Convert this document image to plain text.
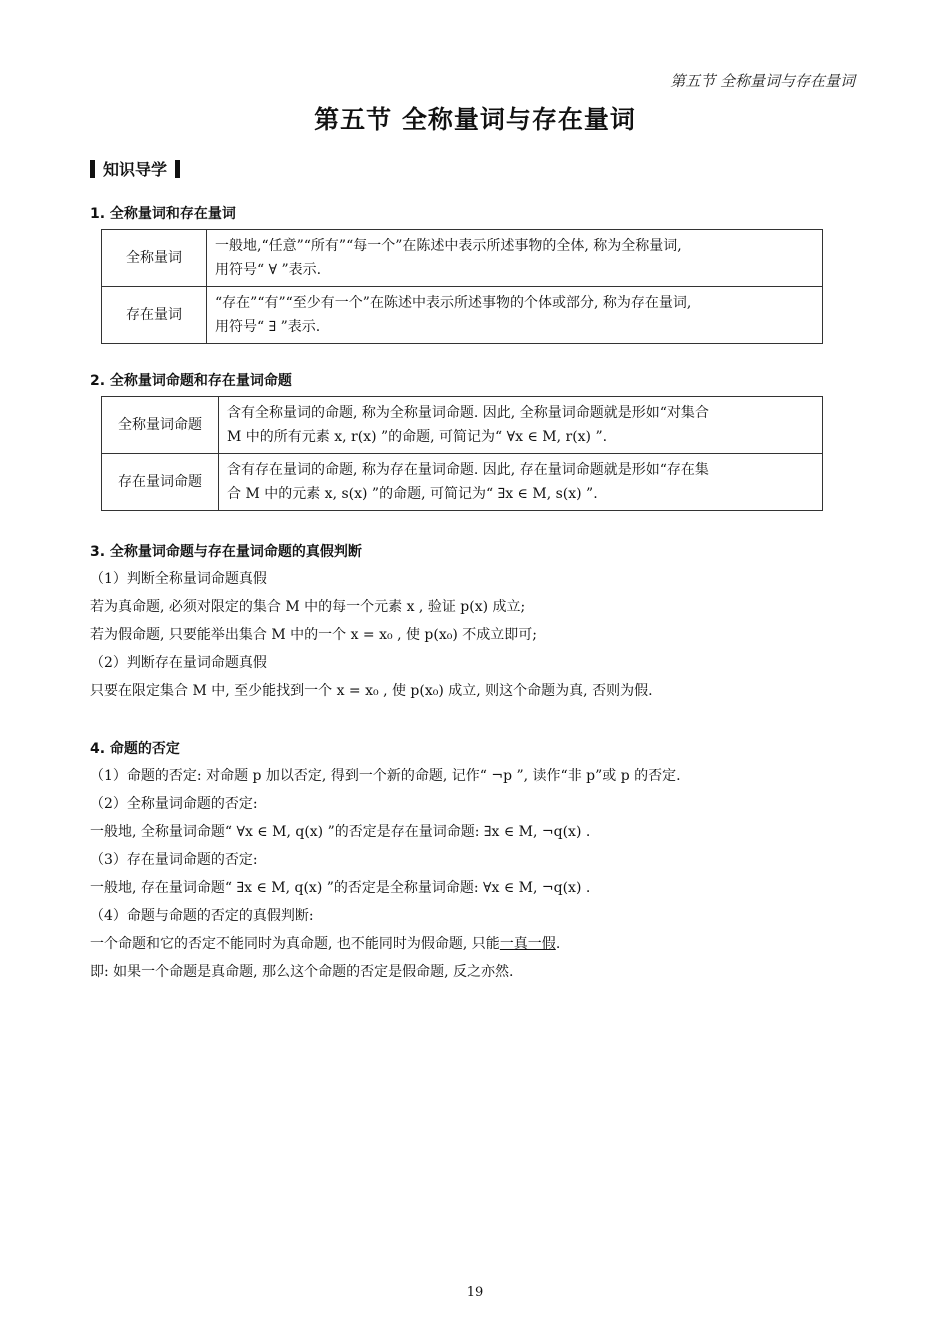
第五节 全称量词与存在量词
第五节 全称量词与存在量词
知识导学
1. 全称量词和存在量词
全称量词	一般地,“任意”“所有”“每一个”在陈述中表示所述事物的全体, 称为全称量词,
用符号“ ∀ ”表示.

存在量词	“存在”“有”“至少有一个”在陈述中表示所述事物的个体或部分, 称为存在量词,
用符号“ ∃ ”表示.
2. 全称量词命题和存在量词命题
全称量词命题	含有全称量词的命题, 称为全称量词命题. 因此, 全称量词命题就是形如“对集合
M 中的所有元素 x, r(x) ”的命题, 可简记为“ ∀x ∈ M, r(x) ”.

存在量词命题	含有存在量词的命题, 称为存在量词命题. 因此, 存在量词命题就是形如“存在集
合 M 中的元素 x, s(x) ”的命题, 可简记为“ ∃x ∈ M, s(x) ”.
3. 全称量词命题与存在量词命题的真假判断
（1）判断全称量词命题真假
若为真命题, 必须对限定的集合 M 中的每一个元素 x , 验证 p(x) 成立;
若为假命题, 只要能举出集合 M 中的一个 x = x₀ , 使 p(x₀) 不成立即可;
（2）判断存在量词命题真假
只要在限定集合 M 中, 至少能找到一个 x = x₀ , 使 p(x₀) 成立, 则这个命题为真, 否则为假.
4. 命题的否定
（1）命题的否定: 对命题 p 加以否定, 得到一个新的命题, 记作“ ¬p ”, 读作“非 p”或 p 的否定.
（2）全称量词命题的否定:
一般地, 全称量词命题“ ∀x ∈ M, q(x) ”的否定是存在量词命题: ∃x ∈ M, ¬q(x) .
（3）存在量词命题的否定:
一般地, 存在量词命题“ ∃x ∈ M, q(x) ”的否定是全称量词命题: ∀x ∈ M, ¬q(x) .
（4）命题与命题的否定的真假判断:
一个命题和它的否定不能同时为真命题, 也不能同时为假命题, 只能一真一假.
即: 如果一个命题是真命题, 那么这个命题的否定是假命题, 反之亦然.
19
